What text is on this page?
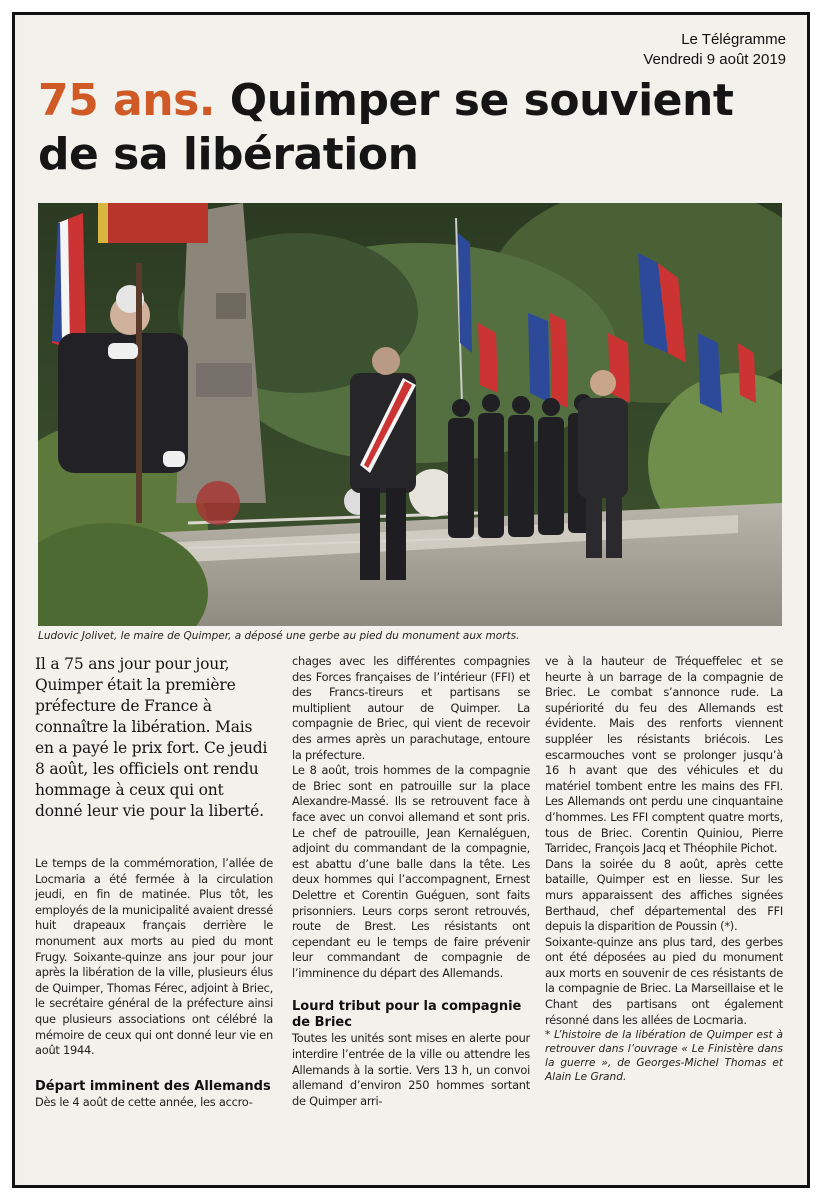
Le Télégramme
Vendredi 9 août 2019
75 ans. Quimper se souvient
de sa libération
Ludovic Jolivet, le maire de Quimper, a déposé une gerbe au pied du monument aux morts.
Il a 75 ans jour pour jour, Quimper était la première préfecture de France à connaître la libération. Mais en a payé le prix fort. Ce jeudi 8 août, les officiels ont rendu hommage à ceux qui ont donné leur vie pour la liberté.
Le temps de la commémoration, l’allée de Locmaria a été fermée à la circulation jeudi, en fin de matinée. Plus tôt, les employés de la municipalité avaient dressé huit drapeaux français derrière le monument aux morts au pied du mont Frugy. Soixante-quinze ans jour pour jour après la libération de la ville, plusieurs élus de Quimper, Thomas Férec, adjoint à Briec, le secrétaire général de la préfecture ainsi que plusieurs associations ont célébré la mémoire de ceux qui ont donné leur vie en août 1944.
Départ imminent des Allemands
Dès le 4 août de cette année, les accro-
chages avec les différentes compagnies des Forces françaises de l’intérieur (FFI) et des Francs-tireurs et partisans se multiplient autour de Quimper. La compagnie de Briec, qui vient de recevoir des armes après un parachutage, entoure la préfecture.
Le 8 août, trois hommes de la compagnie de Briec sont en patrouille sur la place Alexandre-Massé. Ils se retrouvent face à face avec un convoi allemand et sont pris. Le chef de patrouille, Jean Kernaléguen, adjoint du commandant de la compagnie, est abattu d’une balle dans la tête. Les deux hommes qui l’accompagnent, Ernest Delettre et Corentin Guéguen, sont faits prisonniers. Leurs corps seront retrouvés, route de Brest. Les résistants ont cependant eu le temps de faire prévenir leur commandant de compagnie de l’imminence du départ des Allemands.
Lourd tribut pour la compagnie de Briec
Toutes les unités sont mises en alerte pour interdire l’entrée de la ville ou attendre les Allemands à la sortie. Vers 13 h, un convoi allemand d’environ 250 hommes sortant de Quimper arri-
ve à la hauteur de Tréqueffelec et se heurte à un barrage de la compagnie de Briec. Le combat s’annonce rude. La supériorité du feu des Allemands est évidente. Mais des renforts viennent suppléer les résistants briécois. Les escarmouches vont se prolonger jusqu’à 16 h avant que des véhicules et du matériel tombent entre les mains des FFI. Les Allemands ont perdu une cinquantaine d’hommes. Les FFI comptent quatre morts, tous de Briec. Corentin Quiniou, Pierre Tarridec, François Jacq et Théophile Pichot.
Dans la soirée du 8 août, après cette bataille, Quimper est en liesse. Sur les murs apparaissent des affiches signées Berthaud, chef départemental des FFI depuis la disparition de Poussin (*).
Soixante-quinze ans plus tard, des gerbes ont été déposées au pied du monument aux morts en souvenir de ces résistants de la compagnie de Briec. La Marseillaise et le Chant des partisans ont également résonné dans les allées de Locmaria.
* L’histoire de la libération de Quimper est à retrouver dans l’ouvrage « Le Finistère dans la guerre », de Georges-Michel Thomas et Alain Le Grand.
